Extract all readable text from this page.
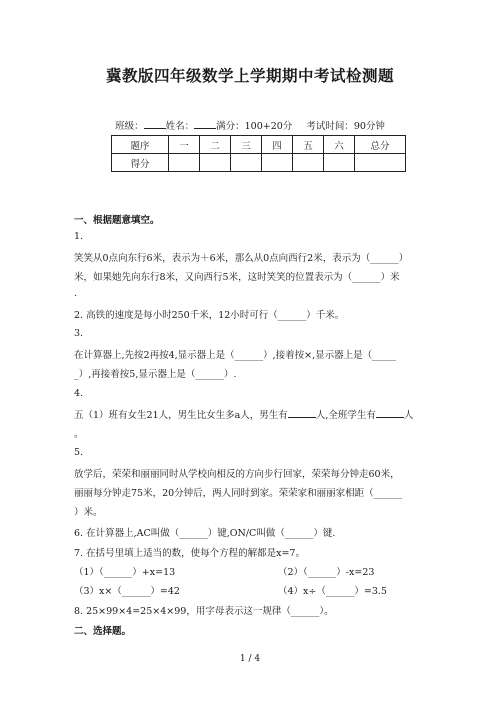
冀教版四年级数学上学期期中考试检测题
班级： 姓名： 满分：100+20分 考试时间：90分钟
题序	一	二	三	四	五	六	总分
得分							
一、根据题意填空。
1.
笑笑从0点向东行6米，表示为＋6米，那么从0点向西行2米，表示为（______）
米，如果她先向东行8米，又向西行5米，这时笑笑的位置表示为（______）米
.
2. 高铁的速度是每小时250千米，12小时可行（______）千米。
3.
在计算器上,先按2再按4,显示器上是（______）,接着按×,显示器上是（_____
_）,再接着按5,显示器上是（______）.
4.
五（1）班有女生21人，男生比女生多a人，男生有	人,全班学生有	人
。
5.
放学后，荣荣和丽丽同时从学校向相反的方向步行回家，荣荣每分钟走60米，
丽丽每分钟走75米，20分钟后，两人同时到家。荣荣家和丽丽家相距（______
）米。
6. 在计算器上,AC叫做（______）键,ON/C叫做（______）键.
7. 在括号里填上适当的数，使每个方程的解都是x=7。
（1）（______）+x=13	（2）（______）-x=23
（3）x×（______）=42	（4）x÷（______）=3.5
8. 25×99×4=25×4×99，用字母表示这一规律（______）。
二、选择题。
1 / 4
